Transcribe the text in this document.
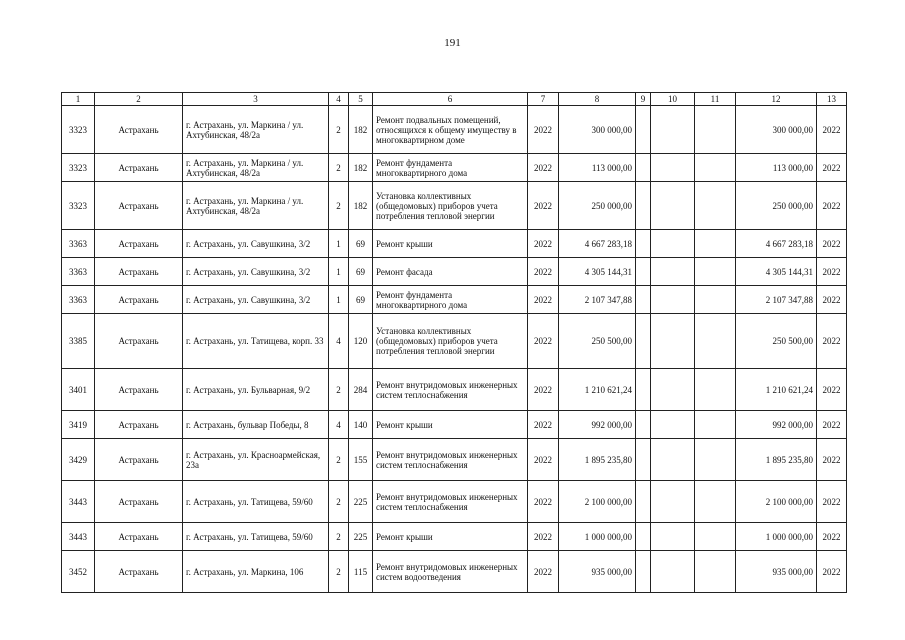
191
1	2	3	4	5	6	7	8	9	10	11	12	13
3323	Астрахань	г. Астрахань, ул. Маркина / ул. Ахтубинская, 48/2а	2	182	Ремонт подвальных помещений, относящихся к общему имуществу в многоквартирном доме	2022	300 000,00				300 000,00	2022
3323	Астрахань	г. Астрахань, ул. Маркина / ул. Ахтубинская, 48/2а	2	182	Ремонт фундамента многоквартирного дома	2022	113 000,00				113 000,00	2022
3323	Астрахань	г. Астрахань, ул. Маркина / ул. Ахтубинская, 48/2а	2	182	Установка коллективных (общедомовых) приборов учета потребления тепловой энергии	2022	250 000,00				250 000,00	2022
3363	Астрахань	г. Астрахань, ул. Савушкина, 3/2	1	69	Ремонт крыши	2022	4 667 283,18				4 667 283,18	2022
3363	Астрахань	г. Астрахань, ул. Савушкина, 3/2	1	69	Ремонт фасада	2022	4 305 144,31				4 305 144,31	2022
3363	Астрахань	г. Астрахань, ул. Савушкина, 3/2	1	69	Ремонт фундамента многоквартирного дома	2022	2 107 347,88				2 107 347,88	2022
3385	Астрахань	г. Астрахань, ул. Татищева, корп. 33	4	120	Установка коллективных (общедомовых) приборов учета потребления тепловой энергии	2022	250 500,00				250 500,00	2022
3401	Астрахань	г. Астрахань, ул. Бульварная, 9/2	2	284	Ремонт внутридомовых инженерных систем теплоснабжения	2022	1 210 621,24				1 210 621,24	2022
3419	Астрахань	г. Астрахань, бульвар Победы, 8	4	140	Ремонт крыши	2022	992 000,00				992 000,00	2022
3429	Астрахань	г. Астрахань, ул. Красноармейская, 23а	2	155	Ремонт внутридомовых инженерных систем теплоснабжения	2022	1 895 235,80				1 895 235,80	2022
3443	Астрахань	г. Астрахань, ул. Татищева, 59/60	2	225	Ремонт внутридомовых инженерных систем теплоснабжения	2022	2 100 000,00				2 100 000,00	2022
3443	Астрахань	г. Астрахань, ул. Татищева, 59/60	2	225	Ремонт крыши	2022	1 000 000,00				1 000 000,00	2022
3452	Астрахань	г. Астрахань, ул. Маркина, 106	2	115	Ремонт внутридомовых инженерных систем водоотведения	2022	935 000,00				935 000,00	2022
